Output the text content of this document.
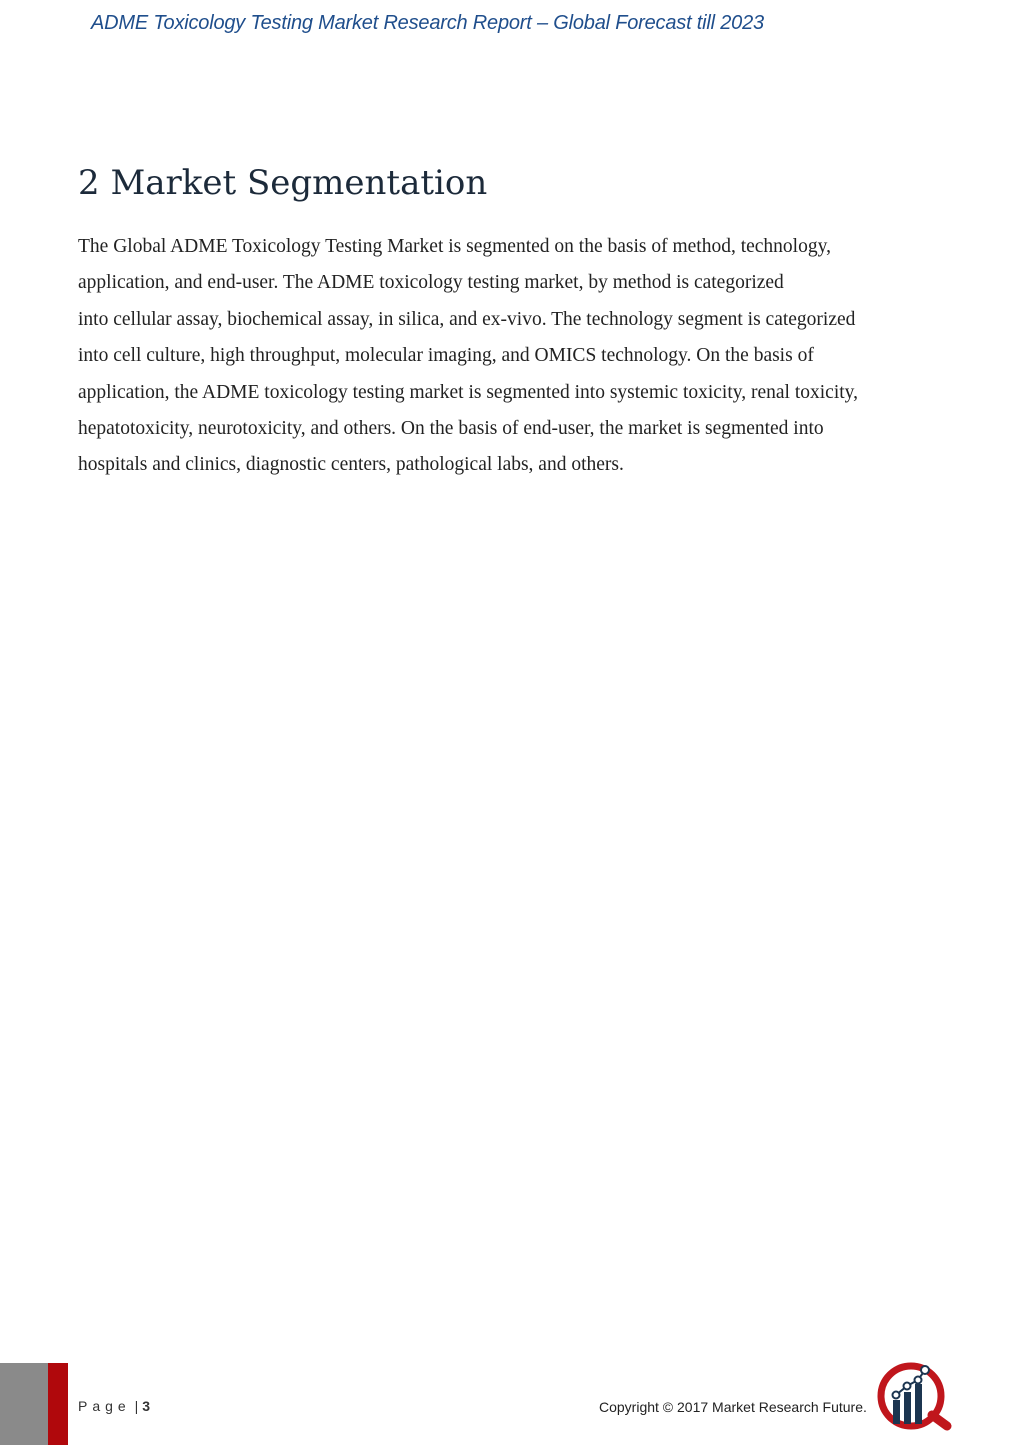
ADME Toxicology Testing Market Research Report – Global Forecast till 2023
2 Market Segmentation
The Global ADME Toxicology Testing Market is segmented on the basis of method, technology,
application, and end-user. The ADME toxicology testing market, by method is categorized
into cellular assay, biochemical assay, in silica, and ex-vivo. The technology segment is categorized
into cell culture, high throughput, molecular imaging, and OMICS technology. On the basis of
application, the ADME toxicology testing market is segmented into systemic toxicity, renal toxicity,
hepatotoxicity, neurotoxicity, and others. On the basis of end-user, the market is segmented into
hospitals and clinics, diagnostic centers, pathological labs, and others.
Page | 3	Copyright © 2017 Market Research Future.
